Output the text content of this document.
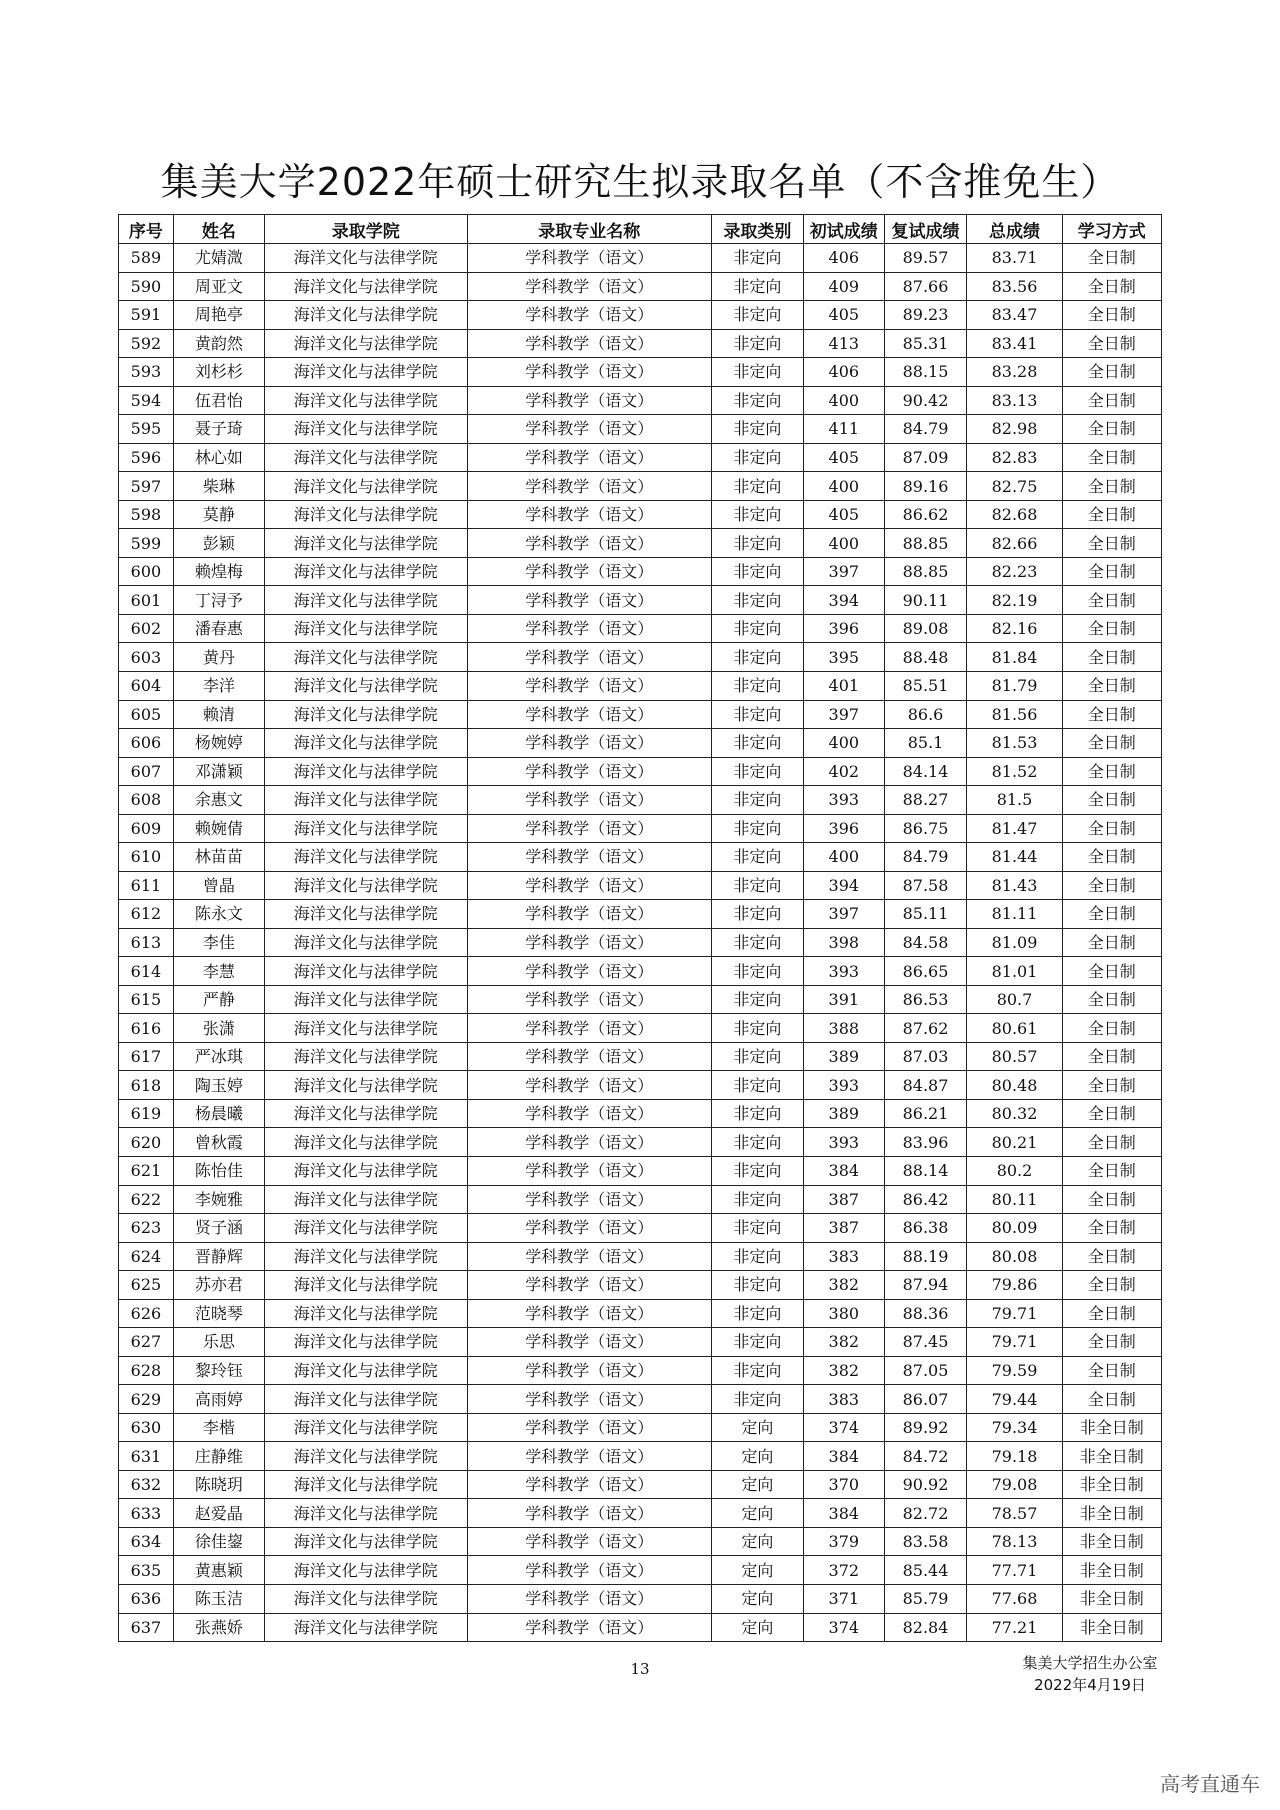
集美大学2022年硕士研究生拟录取名单（不含推免生）
序号	姓名	录取学院	录取专业名称	录取类别	初试成绩	复试成绩	总成绩	学习方式
589	尤婧溦	海洋文化与法律学院	学科教学（语文）	非定向	406	89.57	83.71	全日制
590	周亚文	海洋文化与法律学院	学科教学（语文）	非定向	409	87.66	83.56	全日制
591	周艳亭	海洋文化与法律学院	学科教学（语文）	非定向	405	89.23	83.47	全日制
592	黄韵然	海洋文化与法律学院	学科教学（语文）	非定向	413	85.31	83.41	全日制
593	刘杉杉	海洋文化与法律学院	学科教学（语文）	非定向	406	88.15	83.28	全日制
594	伍君怡	海洋文化与法律学院	学科教学（语文）	非定向	400	90.42	83.13	全日制
595	聂子琦	海洋文化与法律学院	学科教学（语文）	非定向	411	84.79	82.98	全日制
596	林心如	海洋文化与法律学院	学科教学（语文）	非定向	405	87.09	82.83	全日制
597	柴琳	海洋文化与法律学院	学科教学（语文）	非定向	400	89.16	82.75	全日制
598	莫静	海洋文化与法律学院	学科教学（语文）	非定向	405	86.62	82.68	全日制
599	彭颖	海洋文化与法律学院	学科教学（语文）	非定向	400	88.85	82.66	全日制
600	赖煌梅	海洋文化与法律学院	学科教学（语文）	非定向	397	88.85	82.23	全日制
601	丁浔予	海洋文化与法律学院	学科教学（语文）	非定向	394	90.11	82.19	全日制
602	潘春惠	海洋文化与法律学院	学科教学（语文）	非定向	396	89.08	82.16	全日制
603	黄丹	海洋文化与法律学院	学科教学（语文）	非定向	395	88.48	81.84	全日制
604	李洋	海洋文化与法律学院	学科教学（语文）	非定向	401	85.51	81.79	全日制
605	赖清	海洋文化与法律学院	学科教学（语文）	非定向	397	86.6	81.56	全日制
606	杨婉婷	海洋文化与法律学院	学科教学（语文）	非定向	400	85.1	81.53	全日制
607	邓潇颖	海洋文化与法律学院	学科教学（语文）	非定向	402	84.14	81.52	全日制
608	余惠文	海洋文化与法律学院	学科教学（语文）	非定向	393	88.27	81.5	全日制
609	赖婉倩	海洋文化与法律学院	学科教学（语文）	非定向	396	86.75	81.47	全日制
610	林苗苗	海洋文化与法律学院	学科教学（语文）	非定向	400	84.79	81.44	全日制
611	曾晶	海洋文化与法律学院	学科教学（语文）	非定向	394	87.58	81.43	全日制
612	陈永文	海洋文化与法律学院	学科教学（语文）	非定向	397	85.11	81.11	全日制
613	李佳	海洋文化与法律学院	学科教学（语文）	非定向	398	84.58	81.09	全日制
614	李慧	海洋文化与法律学院	学科教学（语文）	非定向	393	86.65	81.01	全日制
615	严静	海洋文化与法律学院	学科教学（语文）	非定向	391	86.53	80.7	全日制
616	张潇	海洋文化与法律学院	学科教学（语文）	非定向	388	87.62	80.61	全日制
617	严冰琪	海洋文化与法律学院	学科教学（语文）	非定向	389	87.03	80.57	全日制
618	陶玉婷	海洋文化与法律学院	学科教学（语文）	非定向	393	84.87	80.48	全日制
619	杨晨曦	海洋文化与法律学院	学科教学（语文）	非定向	389	86.21	80.32	全日制
620	曾秋霞	海洋文化与法律学院	学科教学（语文）	非定向	393	83.96	80.21	全日制
621	陈怡佳	海洋文化与法律学院	学科教学（语文）	非定向	384	88.14	80.2	全日制
622	李婉雅	海洋文化与法律学院	学科教学（语文）	非定向	387	86.42	80.11	全日制
623	贤子涵	海洋文化与法律学院	学科教学（语文）	非定向	387	86.38	80.09	全日制
624	晋静辉	海洋文化与法律学院	学科教学（语文）	非定向	383	88.19	80.08	全日制
625	苏亦君	海洋文化与法律学院	学科教学（语文）	非定向	382	87.94	79.86	全日制
626	范晓琴	海洋文化与法律学院	学科教学（语文）	非定向	380	88.36	79.71	全日制
627	乐思	海洋文化与法律学院	学科教学（语文）	非定向	382	87.45	79.71	全日制
628	黎玲钰	海洋文化与法律学院	学科教学（语文）	非定向	382	87.05	79.59	全日制
629	高雨婷	海洋文化与法律学院	学科教学（语文）	非定向	383	86.07	79.44	全日制
630	李楷	海洋文化与法律学院	学科教学（语文）	定向	374	89.92	79.34	非全日制
631	庄静维	海洋文化与法律学院	学科教学（语文）	定向	384	84.72	79.18	非全日制
632	陈晓玥	海洋文化与法律学院	学科教学（语文）	定向	370	90.92	79.08	非全日制
633	赵爱晶	海洋文化与法律学院	学科教学（语文）	定向	384	82.72	78.57	非全日制
634	徐佳鋆	海洋文化与法律学院	学科教学（语文）	定向	379	83.58	78.13	非全日制
635	黄惠颖	海洋文化与法律学院	学科教学（语文）	定向	372	85.44	77.71	非全日制
636	陈玉洁	海洋文化与法律学院	学科教学（语文）	定向	371	85.79	77.68	非全日制
637	张燕娇	海洋文化与法律学院	学科教学（语文）	定向	374	82.84	77.21	非全日制
13	集美大学招生办公室
2022年4月19日
高考直通车
